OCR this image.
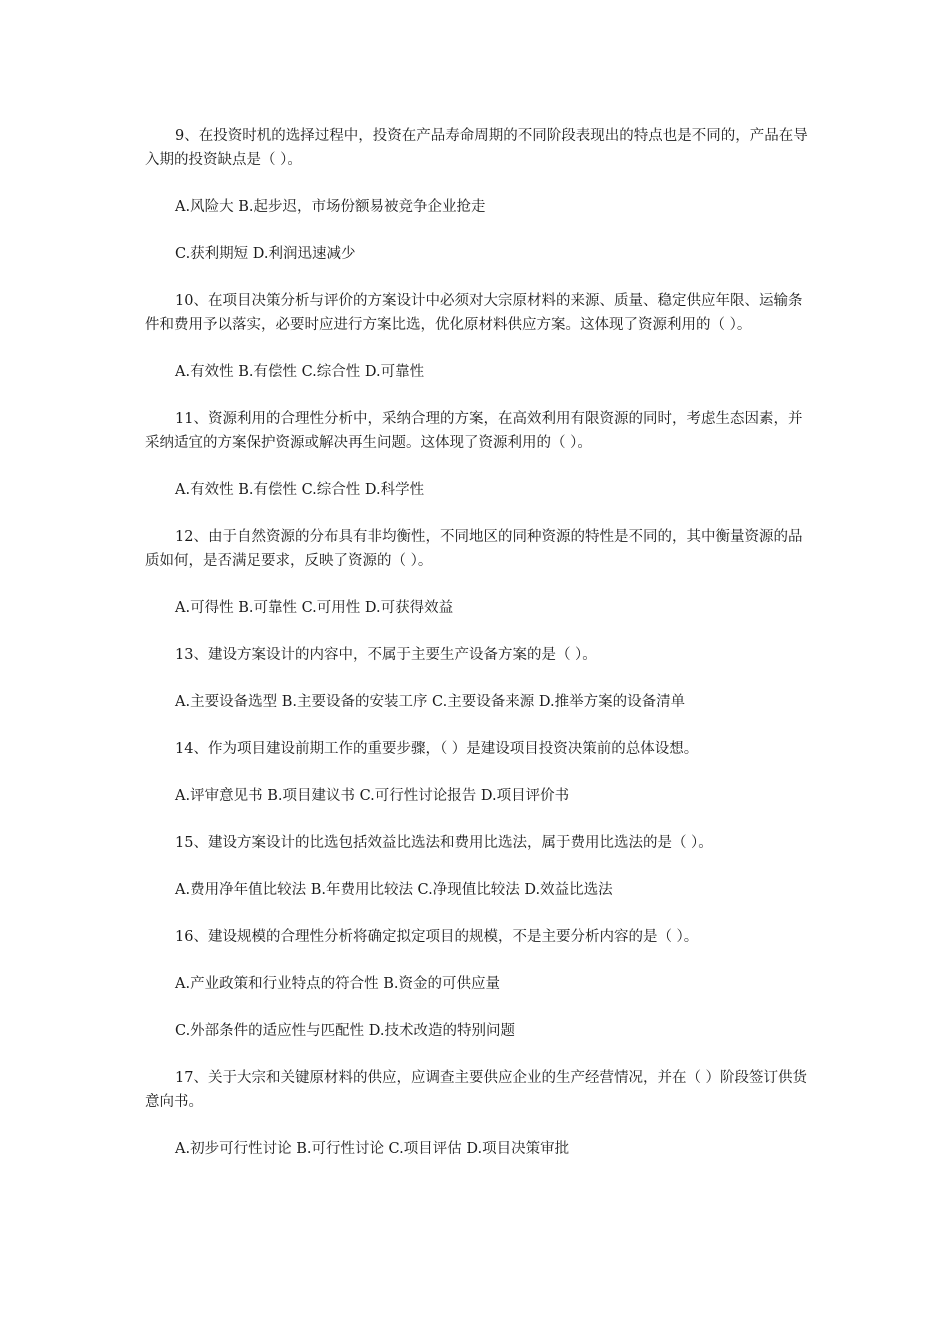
9、在投资时机的选择过程中，投资在产品寿命周期的不同阶段表现出的特点也是不同的，产品在导入期的投资缺点是（ ）。

A.风险大 B.起步迟，市场份额易被竞争企业抢走

C.获利期短 D.利润迅速减少

10、在项目决策分析与评价的方案设计中必须对大宗原材料的来源、质量、稳定供应年限、运输条件和费用予以落实，必要时应进行方案比选，优化原材料供应方案。这体现了资源利用的（ ）。

A.有效性 B.有偿性 C.综合性 D.可靠性

11、资源利用的合理性分析中，采纳合理的方案，在高效利用有限资源的同时，考虑生态因素，并采纳适宜的方案保护资源或解决再生问题。这体现了资源利用的（ ）。

A.有效性 B.有偿性 C.综合性 D.科学性

12、由于自然资源的分布具有非均衡性，不同地区的同种资源的特性是不同的，其中衡量资源的品质如何，是否满足要求，反映了资源的（ ）。

A.可得性 B.可靠性 C.可用性 D.可获得效益

13、建设方案设计的内容中，不属于主要生产设备方案的是（ ）。

A.主要设备选型 B.主要设备的安装工序 C.主要设备来源 D.推举方案的设备清单

14、作为项目建设前期工作的重要步骤，（ ）是建设项目投资决策前的总体设想。

A.评审意见书 B.项目建议书 C.可行性讨论报告 D.项目评价书

15、建设方案设计的比选包括效益比选法和费用比选法，属于费用比选法的是（ ）。

A.费用净年值比较法 B.年费用比较法 C.净现值比较法 D.效益比选法

16、建设规模的合理性分析将确定拟定项目的规模，不是主要分析内容的是（ ）。

A.产业政策和行业特点的符合性 B.资金的可供应量

C.外部条件的适应性与匹配性 D.技术改造的特别问题

17、关于大宗和关键原材料的供应，应调查主要供应企业的生产经营情况，并在（ ）阶段签订供货意向书。

A.初步可行性讨论 B.可行性讨论 C.项目评估 D.项目决策审批
